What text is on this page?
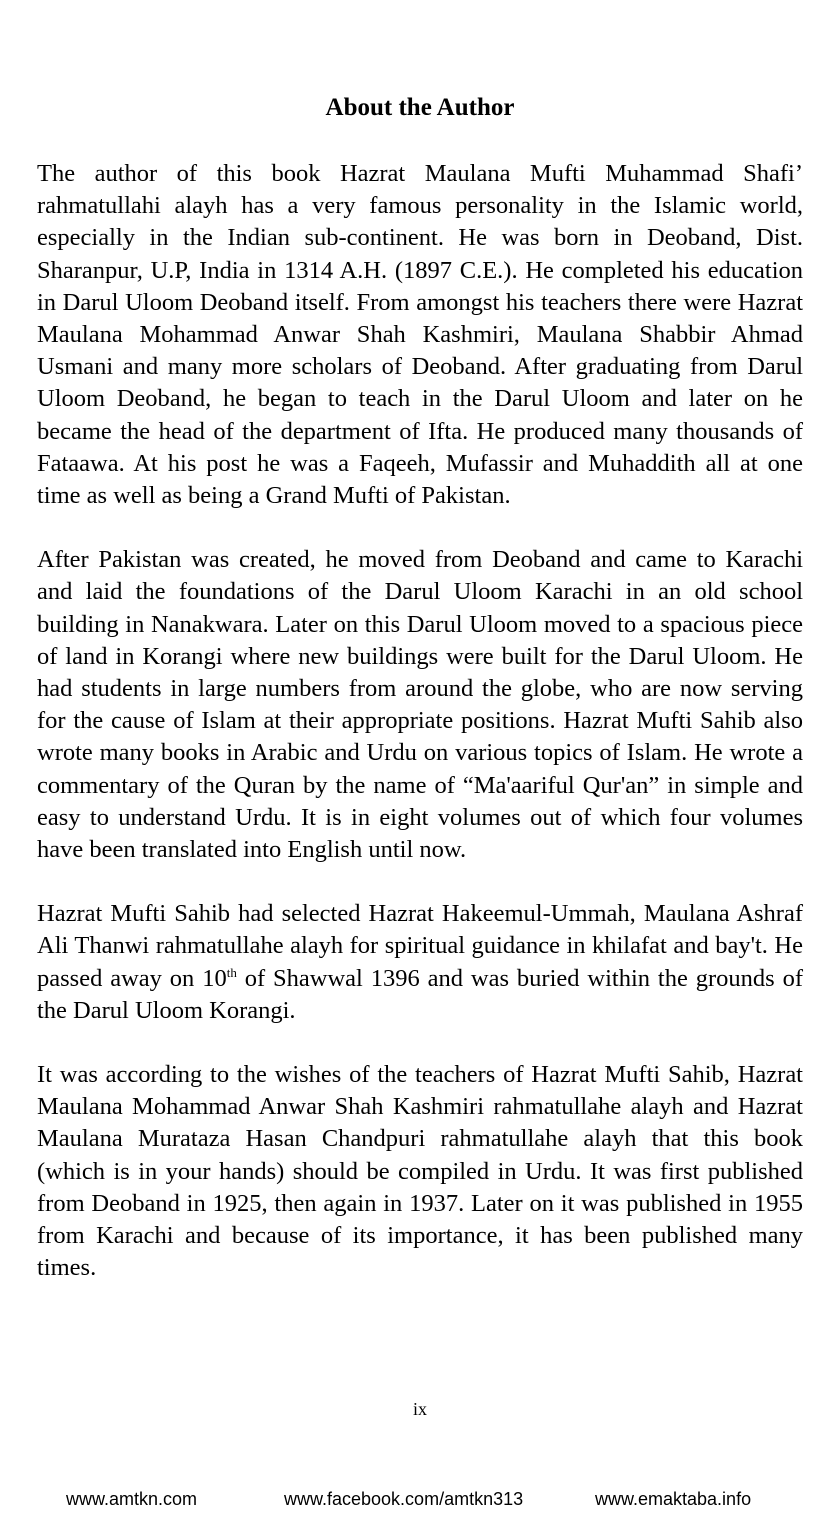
About the Author

The author of this book Hazrat Maulana Mufti Muhammad Shafi’ rahmatullahi alayh has a very famous personality in the Islamic world, especially in the Indian sub-continent. He was born in Deoband, Dist. Sharanpur, U.P, India in 1314 A.H. (1897 C.E.). He completed his education in Darul Uloom Deoband itself. From amongst his teachers there were Hazrat Maulana Mohammad Anwar Shah Kashmiri, Maulana Shabbir Ahmad Usmani and many more scholars of Deoband. After graduating from Darul Uloom Deoband, he began to teach in the Darul Uloom and later on he became the head of the department of Ifta. He produced many thousands of Fataawa. At his post he was a Faqeeh, Mufassir and Muhaddith all at one time as well as being a Grand Mufti of Pakistan.

After Pakistan was created, he moved from Deoband and came to Karachi and laid the foundations of the Darul Uloom Karachi in an old school building in Nanakwara. Later on this Darul Uloom moved to a spacious piece of land in Korangi where new buildings were built for the Darul Uloom. He had students in large numbers from around the globe, who are now serving for the cause of Islam at their appropriate positions. Hazrat Mufti Sahib also wrote many books in Arabic and Urdu on various topics of Islam. He wrote a commentary of the Quran by the name of “Ma'aariful Qur'an” in simple and easy to understand Urdu. It is in eight volumes out of which four volumes have been translated into English until now.

Hazrat Mufti Sahib had selected Hazrat Hakeemul-Ummah, Maulana Ashraf Ali Thanwi rahmatullahe alayh for spiritual guidance in khilafat and bay't. He passed away on 10th of Shawwal 1396 and was buried within the grounds of the Darul Uloom Korangi.

It was according to the wishes of the teachers of Hazrat Mufti Sahib, Hazrat Maulana Mohammad Anwar Shah Kashmiri rahmatullahe alayh and Hazrat Maulana Murataza Hasan Chandpuri rahmatullahe alayh that this book (which is in your hands) should be compiled in Urdu. It was first published from Deoband in 1925, then again in 1937. Later on it was published in 1955 from Karachi and because of its importance, it has been published many times.

ix
www.amtkn.com	www.facebook.com/amtkn313	www.emaktaba.info
